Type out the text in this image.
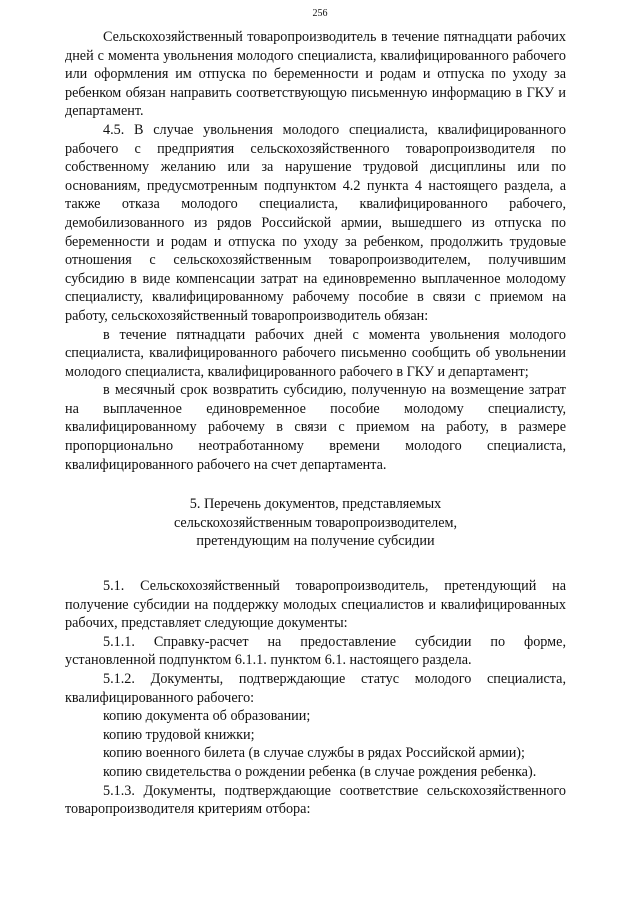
256

Сельскохозяйственный товаропроизводитель в течение пятнадцати рабочих дней с момента увольнения молодого специалиста, квалифицированного рабочего или оформления им отпуска по беременности и родам и отпуска по уходу за ребенком обязан направить соответствующую письменную информацию в ГКУ и департамент.

4.5. В случае увольнения молодого специалиста, квалифицированного рабочего с предприятия сельскохозяйственного товаропроизводителя по собственному желанию или за нарушение трудовой дисциплины или по основаниям, предусмотренным подпунктом 4.2 пункта 4 настоящего раздела, а также отказа молодого специалиста, квалифицированного рабочего, демобилизованного из рядов Российской армии, вышедшего из отпуска по беременности и родам и отпуска по уходу за ребенком, продолжить трудовые отношения с сельскохозяйственным товаропроизводителем, получившим субсидию в виде компенсации затрат на единовременно выплаченное молодому специалисту, квалифицированному рабочему пособие в связи с приемом на работу, сельскохозяйственный товаропроизводитель обязан:

в течение пятнадцати рабочих дней с момента увольнения молодого специалиста, квалифицированного рабочего письменно сообщить об увольнении молодого специалиста, квалифицированного рабочего в ГКУ и департамент;

в месячный срок возвратить субсидию, полученную на возмещение затрат на выплаченное единовременное пособие молодому специалисту, квалифицированному рабочему в связи с приемом на работу, в размере пропорционально неотработанному времени молодого специалиста, квалифицированного рабочего на счет департамента.

5. Перечень документов, представляемых
сельскохозяйственным товаропроизводителем,
претендующим на получение субсидии

5.1. Сельскохозяйственный товаропроизводитель, претендующий на получение субсидии на поддержку молодых специалистов и квалифицированных рабочих, представляет следующие документы:

5.1.1. Справку-расчет на предоставление субсидии по форме, установленной подпунктом 6.1.1. пунктом 6.1. настоящего раздела.

5.1.2. Документы, подтверждающие статус молодого специалиста, квалифицированного рабочего:

копию документа об образовании;

копию трудовой книжки;

копию военного билета (в случае службы в рядах Российской армии);

копию свидетельства о рождении ребенка (в случае рождения ребенка).

5.1.3. Документы, подтверждающие соответствие сельскохозяйственного товаропроизводителя критериям отбора:
